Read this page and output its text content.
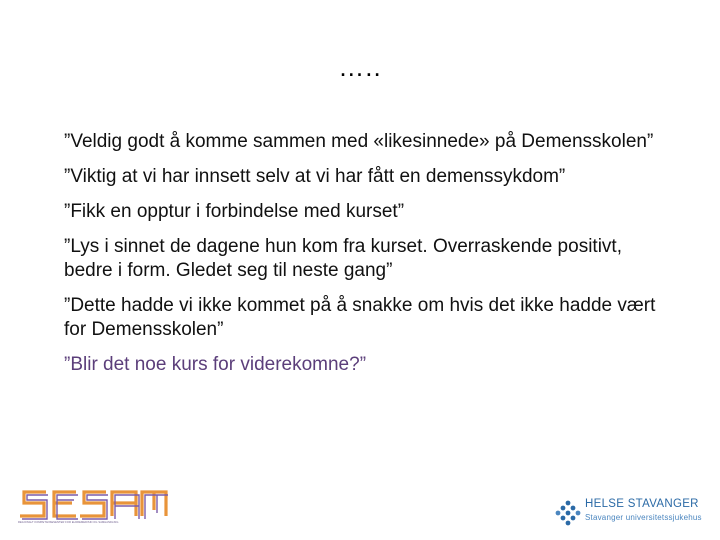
…..

”Veldig godt å komme sammen med «likesinnede» på Demensskolen”

”Viktig at vi har innsett selv at vi har fått en demenssykdom”

”Fikk en opptur i forbindelse med kurset”

”Lys i sinnet de dagene hun kom fra kurset. Overraskende positivt, bedre i form. Gledet seg til neste gang”

”Dette hadde vi ikke kommet på å snakke om hvis det ikke hadde vært for Demensskolen”

”Blir det noe kurs for viderekomne?”

REGIONALT KOMPETANSESENTER FOR ELDREMEDISIN OG SAMHANDLING
HELSE STAVANGER
Stavanger universitetssjukehus
